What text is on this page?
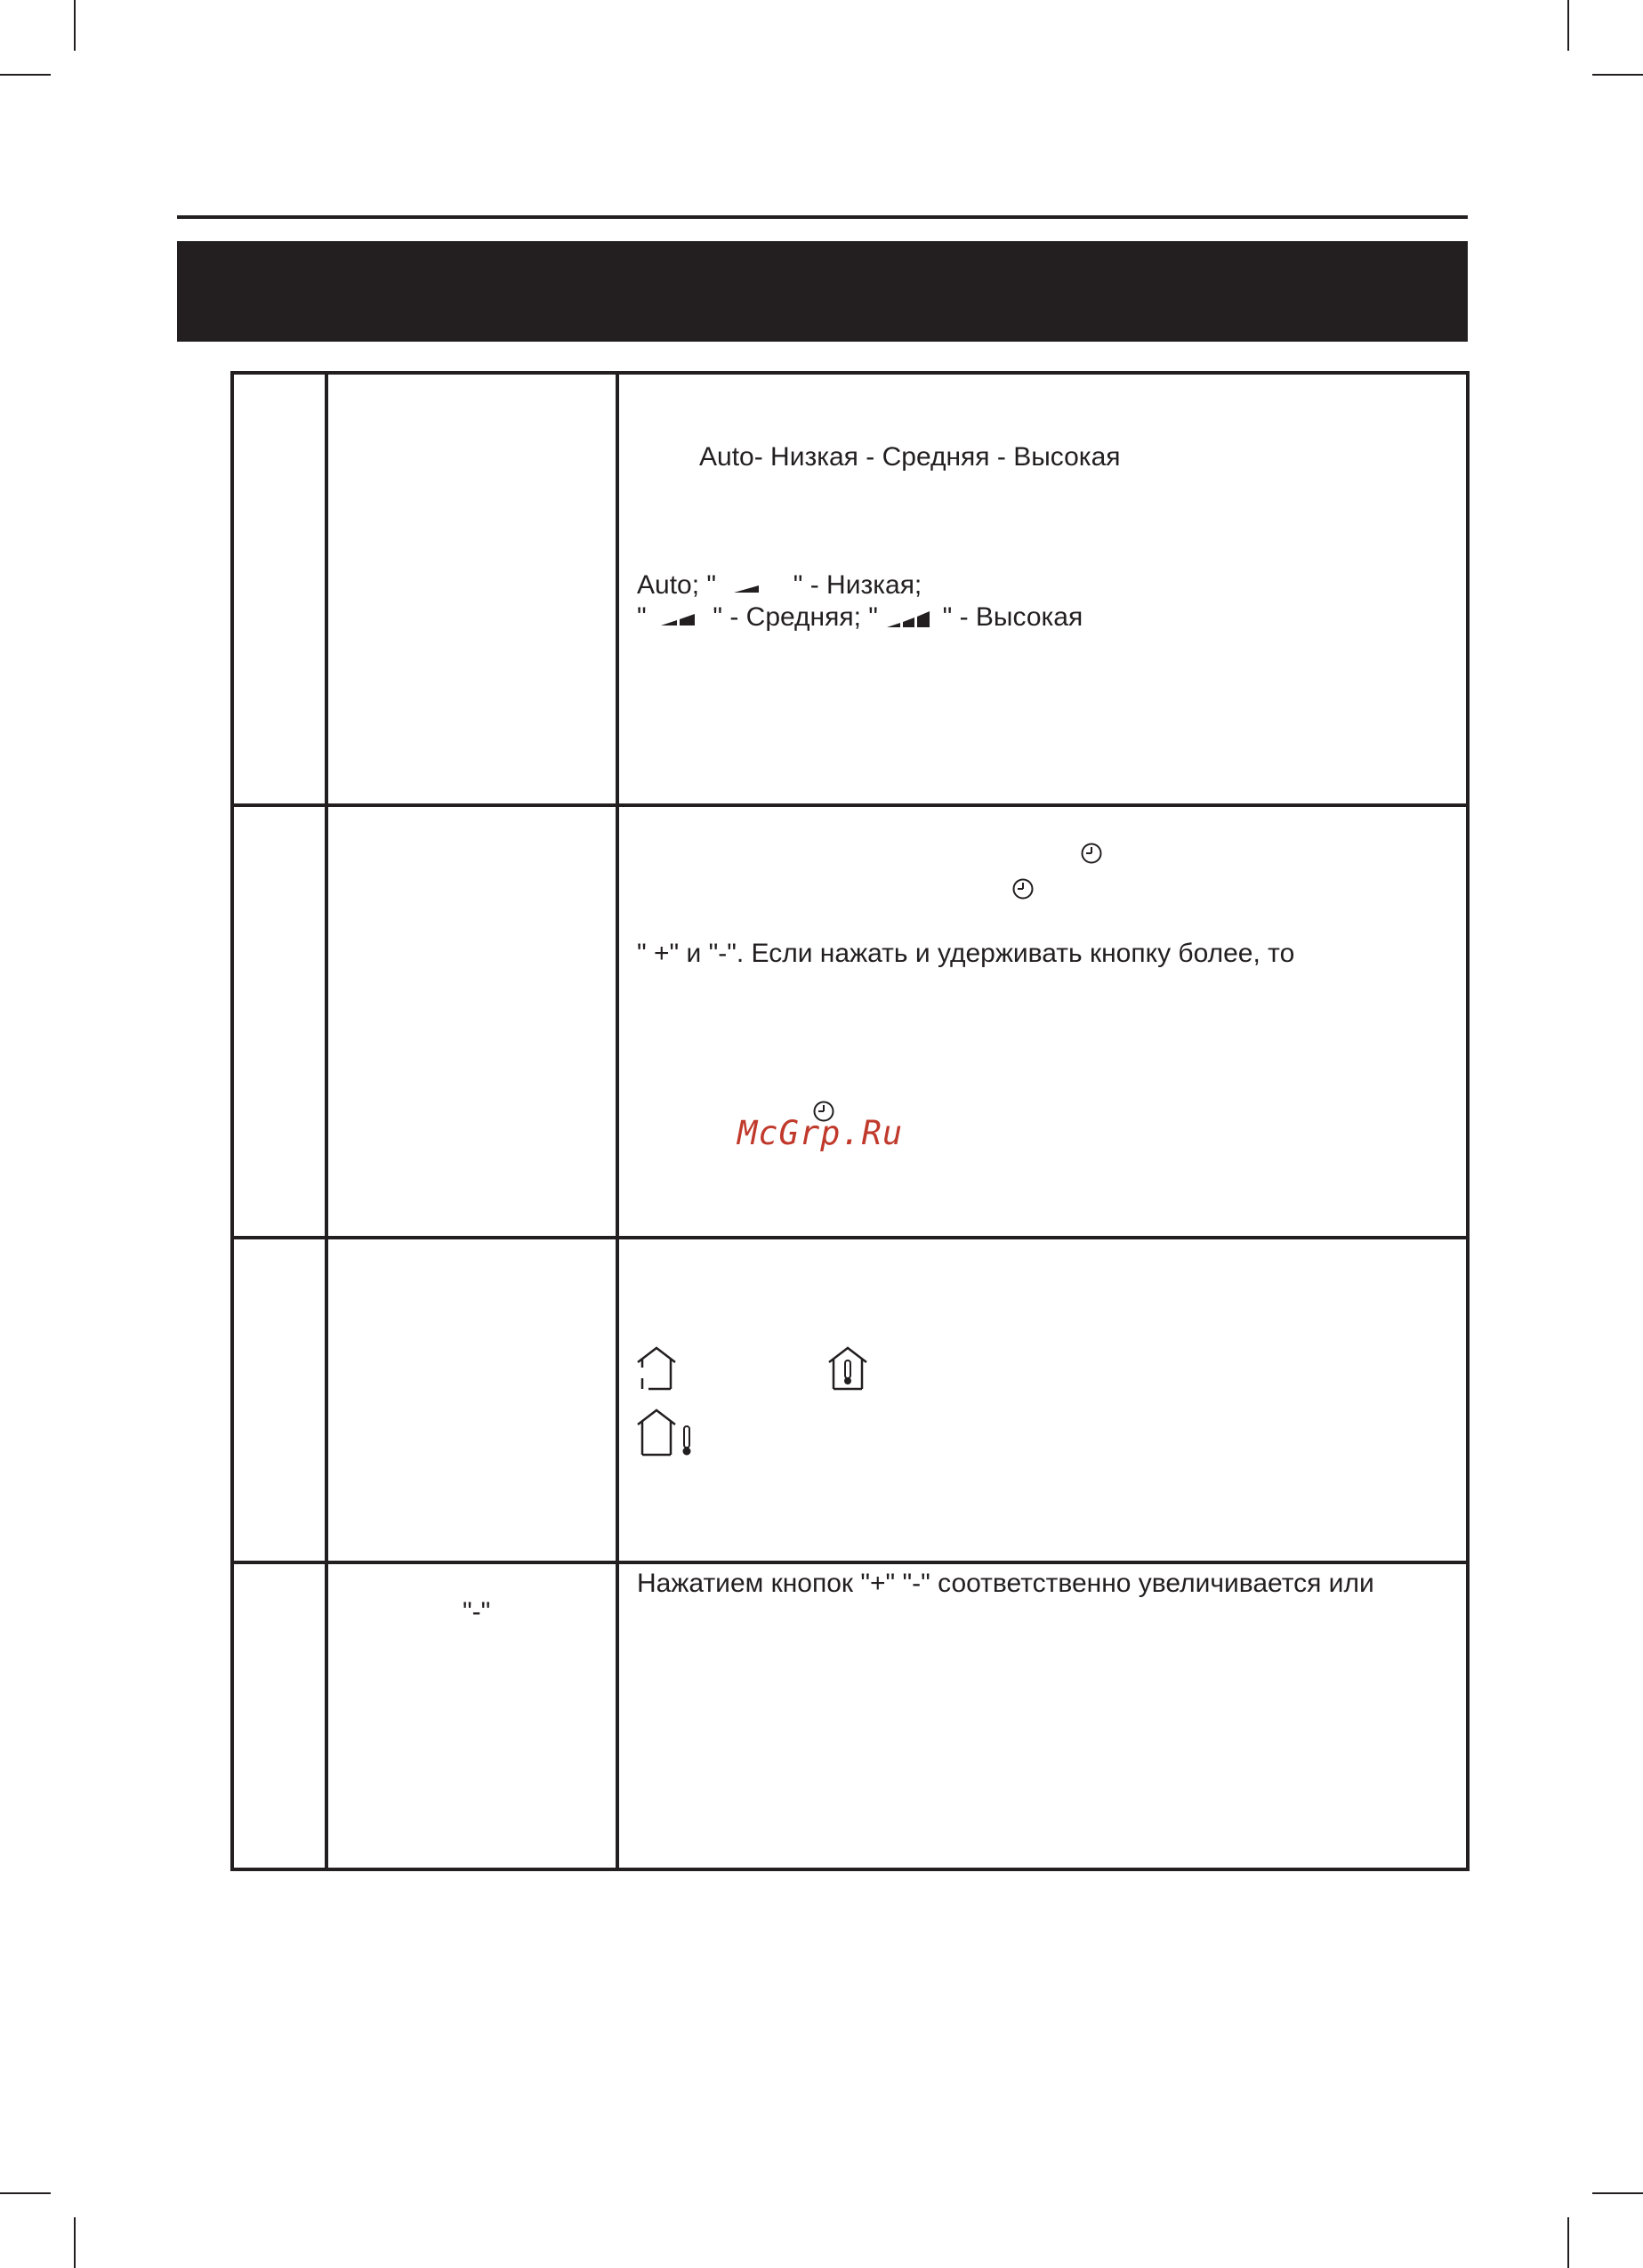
Auto- Низкая - Средняя - Высокая
Auto; "	" - Низкая;
" " - Средняя; " " - Высокая
" +" и "-". Если нажать и удерживать кнопку более, то
McGrp.Ru
"-"
Нажатием кнопок "+" "-" соответственно увеличивается или
